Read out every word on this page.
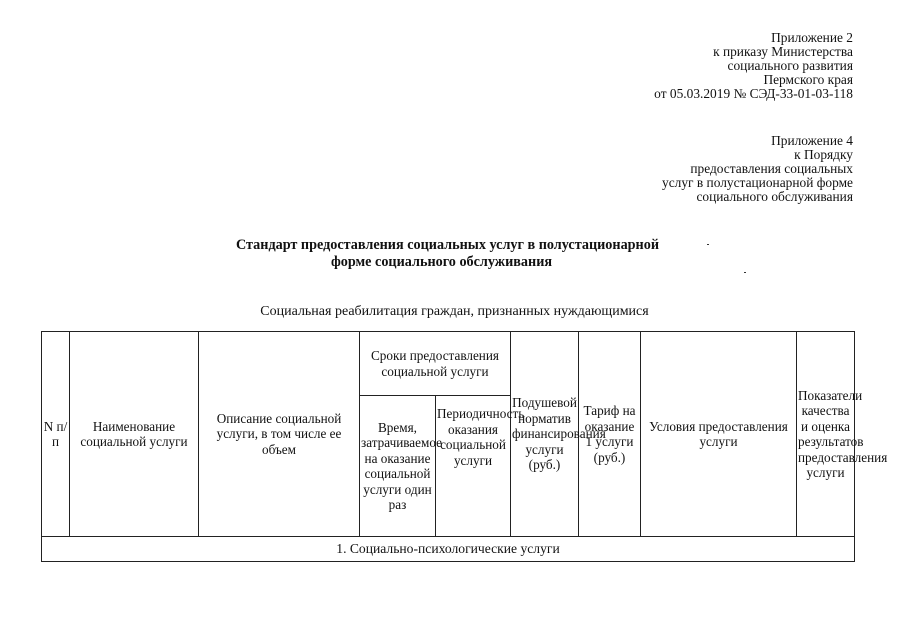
Приложение 2
к приказу Министерства
социального развития
Пермского края
от 05.03.2019 № СЭД-33-01-03-118
Приложение 4
к Порядку
предоставления социальных
услуг в полустационарной форме
социального обслуживания
Стандарт предоставления социальных услуг в полустационарной
форме социального обслуживания
Социальная реабилитация граждан, признанных нуждающимися
N п/п	Наименование социальной услуги	Описание социальной услуги, в том числе ее объем	Сроки предоставления социальной услуги		Подушевой норматив финансирования услуги (руб.)	Тариф на оказание 1 услуги (руб.)	Условия предоставления услуги	Показатели качества и оценка результатов предоставления услуги
			Время, затрачиваемое на оказание социальной услуги один раз	Периодичность оказания социальной услуги				
1. Социально-психологические услуги								
